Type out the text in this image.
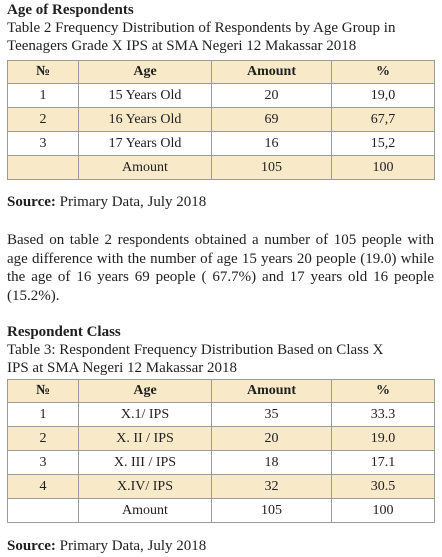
Age of Respondents
Table 2 Frequency Distribution of Respondents by Age Group in
Teenagers Grade X IPS at SMA Negeri 12 Makassar 2018
№	Age	Amount	%
1	15 Years Old	20	19,0
2	16 Years Old	69	67,7
3	17 Years Old	16	15,2
	Amount	105	100
Source: Primary Data, July 2018
Based on table 2 respondents obtained a number of 105 people with age difference with the number of age 15 years 20 people (19.0) while the age of 16 years 69 people ( 67.7%) and 17 years old 16 people (15.2%).
Respondent Class
Table 3: Respondent Frequency Distribution Based on Class X
IPS at SMA Negeri 12 Makassar 2018
№	Age	Amount	%
1	X.1/ IPS	35	33.3
2	X. II / IPS	20	19.0
3	X. III / IPS	18	17.1
4	X.IV/ IPS	32	30.5
	Amount	105	100
Source: Primary Data, July 2018
